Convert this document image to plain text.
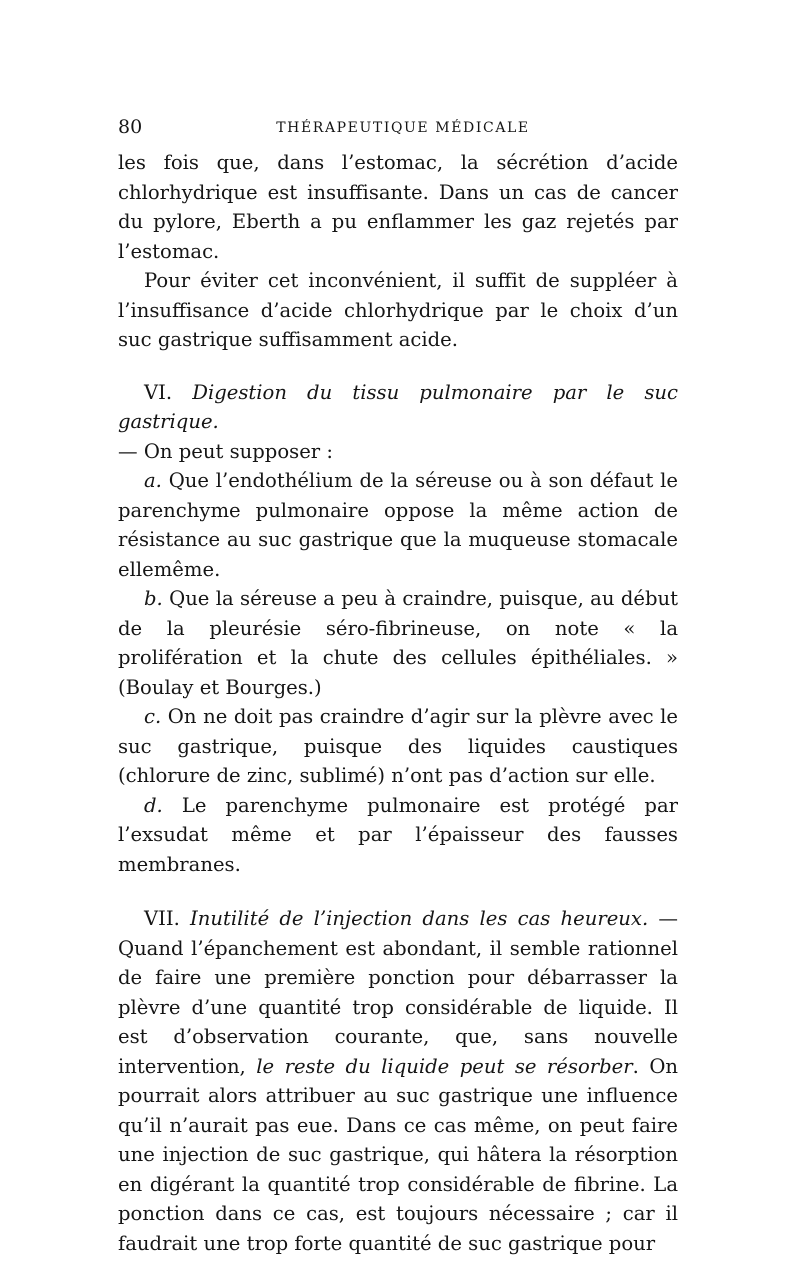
80	THÉRAPEUTIQUE MÉDICALE

les fois que, dans l’estomac, la sécrétion d’acide chlorhydrique est insuffisante. Dans un cas de cancer du pylore, Eberth a pu enflammer les gaz rejetés par l’estomac.

Pour éviter cet inconvénient, il suffit de suppléer à l’insuffisance d’acide chlorhydrique par le choix d’un suc gastrique suffisamment acide.

VI. Digestion du tissu pulmonaire par le suc gastrique.

— On peut supposer :

a. Que l’endothélium de la séreuse ou à son défaut le parenchyme pulmonaire oppose la même action de résistance au suc gastrique que la muqueuse stomacale ellemême.

b. Que la séreuse a peu à craindre, puisque, au début de la pleurésie séro-fibrineuse, on note « la prolifération et la chute des cellules épithéliales. » (Boulay et Bourges.)

c. On ne doit pas craindre d’agir sur la plèvre avec le suc gastrique, puisque des liquides caustiques (chlorure de zinc, sublimé) n’ont pas d’action sur elle.

d. Le parenchyme pulmonaire est protégé par l’exsudat même et par l’épaisseur des fausses membranes.

VII. Inutilité de l’injection dans les cas heureux. — Quand l’épanchement est abondant, il semble rationnel de faire une première ponction pour débarrasser la plèvre d’une quantité trop considérable de liquide. Il est d’observation courante, que, sans nouvelle intervention, le reste du liquide peut se résorber. On pourrait alors attribuer au suc gastrique une influence qu’il n’aurait pas eue. Dans ce cas même, on peut faire une injection de suc gastrique, qui hâtera la résorption en digérant la quantité trop considérable de fibrine. La ponction dans ce cas, est toujours nécessaire ; car il faudrait une trop forte quantité de suc gastrique pour
